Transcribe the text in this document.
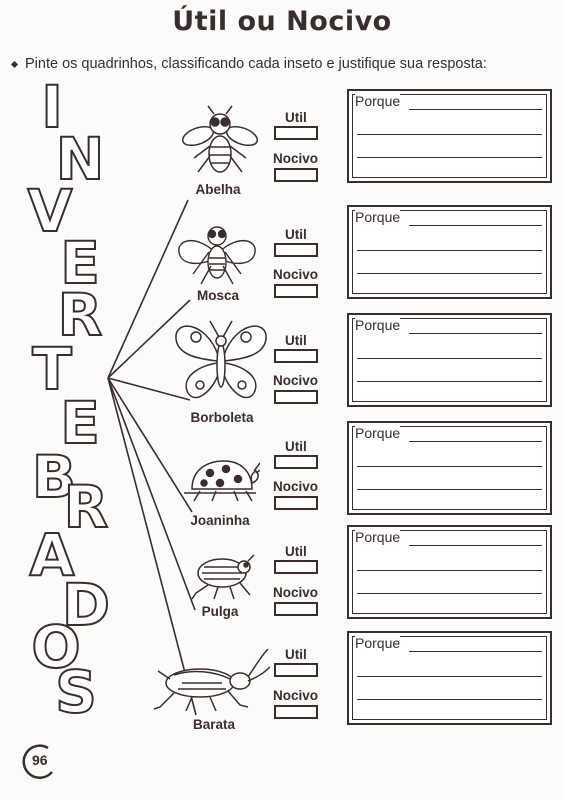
Útil ou Nocivo
Pinte os quadrinhos, classificando cada inseto e justifique sua resposta:
I
N
V
E
R
T
E
B
R
A
D
O
S
Abelha
Mosca
Borboleta
Joaninha
Pulga
Barata
Util
Nocivo
Util
Nocivo
Util
Nocivo
Util
Nocivo
Util
Nocivo
Util
Nocivo
Porque
Porque
Porque
Porque
Porque
Porque
96
